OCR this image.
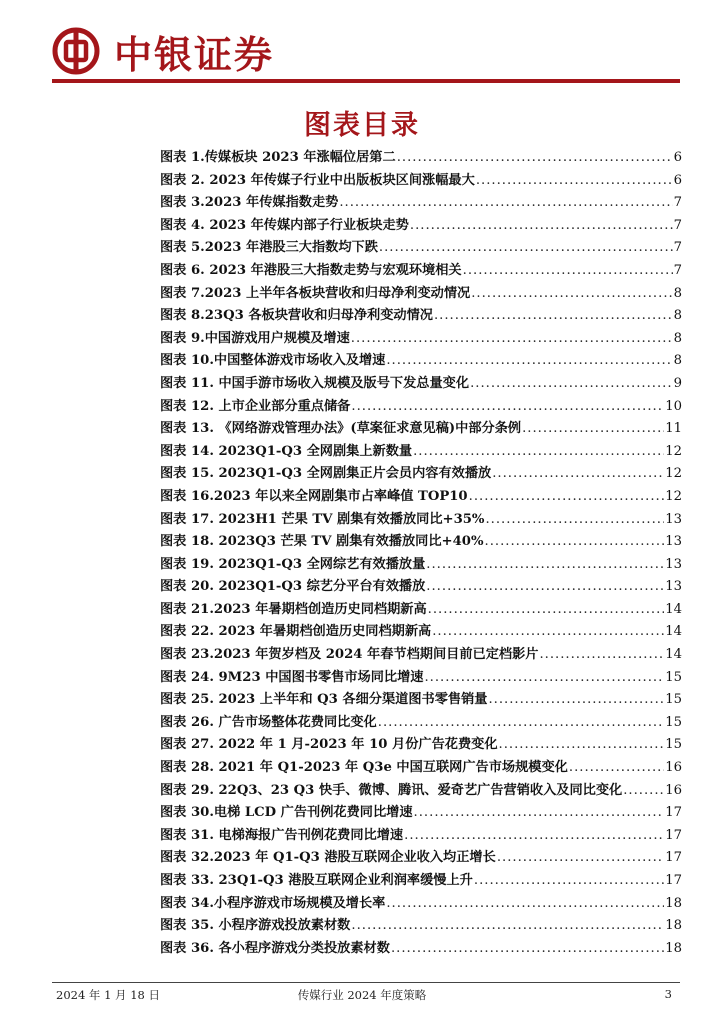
中银证券
图表目录
图表 1.传媒板块 2023 年涨幅位居第二 .....	6
图表 2. 2023 年传媒子行业中出版板块区间涨幅最大 .....	6
图表 3.2023 年传媒指数走势 .....	7
图表 4. 2023 年传媒内部子行业板块走势 .....	7
图表 5.2023 年港股三大指数均下跌 .....	7
图表 6. 2023 年港股三大指数走势与宏观环境相关 .....	7
图表 7.2023 上半年各板块营收和归母净利变动情况 .....	8
图表 8.23Q3 各板块营收和归母净利变动情况 .....	8
图表 9.中国游戏用户规模及增速 .....	8
图表 10.中国整体游戏市场收入及增速 .....	8
图表 11. 中国手游市场收入规模及版号下发总量变化 .....	9
图表 12. 上市企业部分重点储备 .....	10
图表 13. 《网络游戏管理办法》(草案征求意见稿)中部分条例 .....	11
图表 14. 2023Q1-Q3 全网剧集上新数量 .....	12
图表 15. 2023Q1-Q3 全网剧集正片会员内容有效播放 .....	12
图表 16.2023 年以来全网剧集市占率峰值 TOP10 .....	12
图表 17. 2023H1 芒果 TV 剧集有效播放同比+35% .....	13
图表 18. 2023Q3 芒果 TV 剧集有效播放同比+40% .....	13
图表 19. 2023Q1-Q3 全网综艺有效播放量 .....	13
图表 20. 2023Q1-Q3 综艺分平台有效播放 .....	13
图表 21.2023 年暑期档创造历史同档期新高 .....	14
图表 22. 2023 年暑期档创造历史同档期新高 .....	14
图表 23.2023 年贺岁档及 2024 年春节档期间目前已定档影片 .....	14
图表 24. 9M23 中国图书零售市场同比增速 .....	15
图表 25. 2023 上半年和 Q3 各细分渠道图书零售销量 .....	15
图表 26. 广告市场整体花费同比变化 .....	15
图表 27. 2022 年 1 月-2023 年 10 月份广告花费变化 .....	15
图表 28. 2021 年 Q1-2023 年 Q3e 中国互联网广告市场规模变化 .....	16
图表 29. 22Q3、23 Q3 快手、微博、腾讯、爱奇艺广告营销收入及同比变化 .....	16
图表 30.电梯 LCD 广告刊例花费同比增速 .....	17
图表 31. 电梯海报广告刊例花费同比增速 .....	17
图表 32.2023 年 Q1-Q3 港股互联网企业收入均正增长 .....	17
图表 33. 23Q1-Q3 港股互联网企业利润率缓慢上升 .....	17
图表 34.小程序游戏市场规模及增长率 .....	18
图表 35. 小程序游戏投放素材数 .....	18
图表 36. 各小程序游戏分类投放素材数 .....	18
2024 年 1 月 18 日	传媒行业 2024 年度策略	3
